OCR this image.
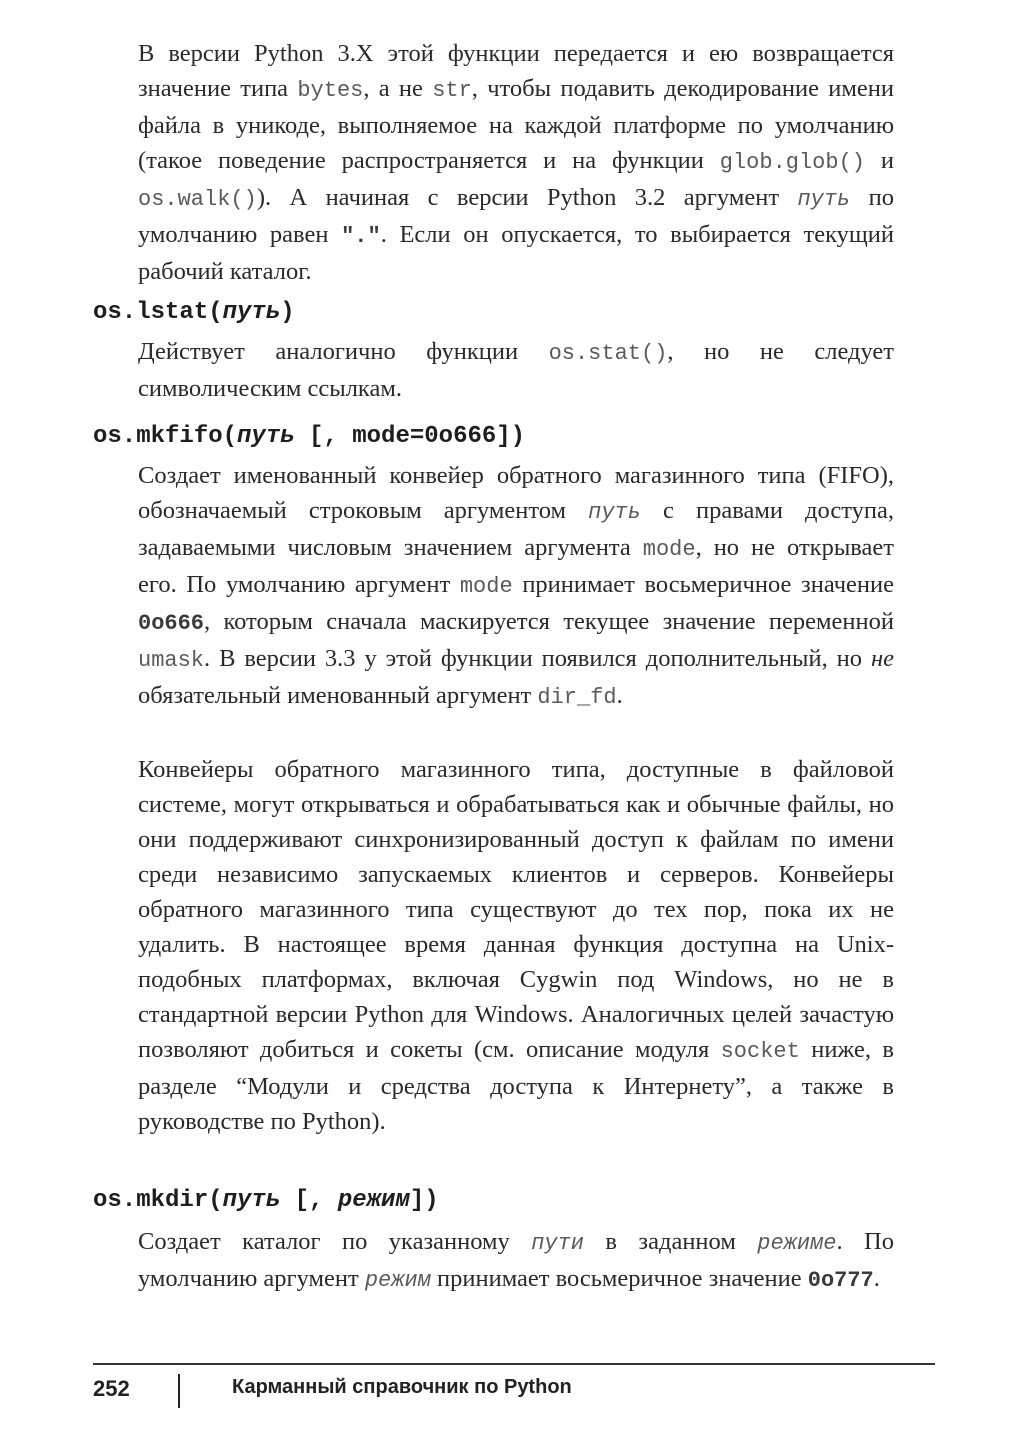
В версии Python 3.X этой функции передается и ею возвращается значение типа bytes, а не str, чтобы подавить декодирование имени файла в уникоде, выполняемое на каждой платформе по умолчанию (такое поведение распространяется и на функции glob.glob() и os.walk()). А начиная с версии Python 3.2 аргумент путь по умолчанию равен ".". Если он опускается, то выбирается текущий рабочий каталог.

os.lstat(путь)

Действует аналогично функции os.stat(), но не следует символическим ссылкам.

os.mkfifo(путь [, mode=0o666])

Создает именованный конвейер обратного магазинного типа (FIFO), обозначаемый строковым аргументом путь с правами доступа, задаваемыми числовым значением аргумента mode, но не открывает его. По умолчанию аргумент mode принимает восьмеричное значение 0o666, которым сначала маскируется текущее значение переменной umask. В версии 3.3 у этой функции появился дополнительный, но не обязательный именованный аргумент dir_fd.

Конвейеры обратного магазинного типа, доступные в файловой системе, могут открываться и обрабатываться как и обычные файлы, но они поддерживают синхронизированный доступ к файлам по имени среди независимо запускаемых клиентов и серверов. Конвейеры обратного магазинного типа существуют до тех пор, пока их не удалить. В настоящее время данная функция доступна на Unix-подобных платформах, включая Cygwin под Windows, но не в стандартной версии Python для Windows. Аналогичных целей зачастую позволяют добиться и сокеты (см. описание модуля socket ниже, в разделе “Модули и средства доступа к Интернету”, а также в руководстве по Python).

os.mkdir(путь [, режим])

Создает каталог по указанному пути в заданном режиме. По умолчанию аргумент режим принимает восьмеричное значение 0o777.

252	Карманный справочник по Python
